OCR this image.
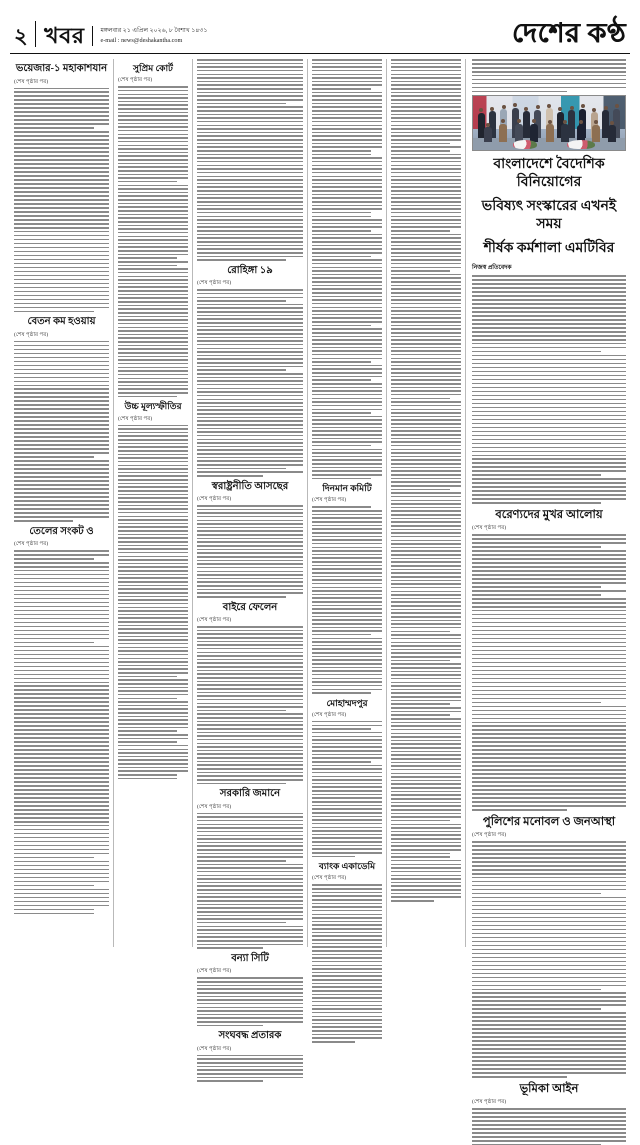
২ খবর	মঙ্গলবার ২১ এপ্রিল ২০২৬, ৮ বৈশাখ ১৪৩১
e-mail : news@deshakantha.com	দেশের কণ্ঠ
ভয়েজার-১ মহাকাশযান
(শেষ পৃষ্ঠার পর)
বেতন কম হওয়ায়
(শেষ পৃষ্ঠার পর)
তেলের সংকট ও
(শেষ পৃষ্ঠার পর)
সুপ্রিম কোর্ট
(শেষ পৃষ্ঠার পর)
উচ্চ মূল্যস্ফীতির
(শেষ পৃষ্ঠার পর)
রোহিঙ্গা ১৯
(শেষ পৃষ্ঠার পর)
স্বরাষ্ট্রনীতি আসছের
(শেষ পৃষ্ঠার পর)
বাইরে ফেলেন
(শেষ পৃষ্ঠার পর)
সরকারি জমানে
(শেষ পৃষ্ঠার পর)
বন্যা সিটি
(শেষ পৃষ্ঠার পর)
সংঘবদ্ধ প্রতারক
(শেষ পৃষ্ঠার পর)
দিনমান কমিটি
(শেষ পৃষ্ঠার পর)
মোহাম্মদপুর
(শেষ পৃষ্ঠার পর)
ব্যাংক একাডেমি
(শেষ পৃষ্ঠার পর)
বাংলাদেশে বৈদেশিক বিনিয়োগের
ভবিষ্যৎ সংস্কারের এখনই সময়
শীর্ষক কর্মশালা এমটিবির
নিজস্ব প্রতিবেদক
বরেণ্যদের মুখর আলোয়
(শেষ পৃষ্ঠার পর)
পুলিশের মনোবল ও জনআস্থা
(শেষ পৃষ্ঠার পর)
ভূমিকা আইন
(শেষ পৃষ্ঠার পর)
